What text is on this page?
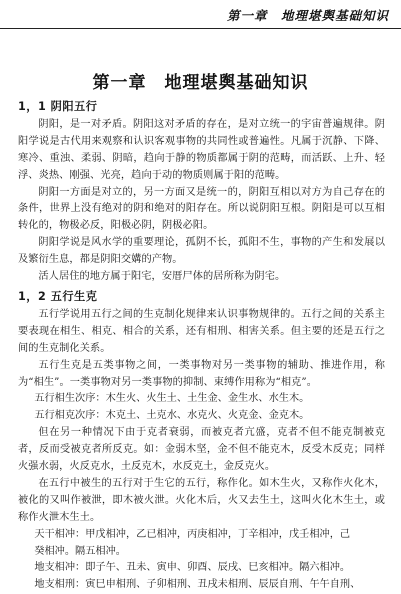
第一章　地理堪舆基础知识
第一章　地理堪舆基础知识
1，1 阴阳五行

阴阳，是一对矛盾。阴阳这对矛盾的存在，是对立统一的宇宙普遍规律。阴阳学说是古代用来观察和认识客观事物的共同性或普遍性。凡属于沉静、下降、寒冷、重浊、柔弱、阴暗，趋向于静的物质都属于阴的范畴，而活跃、上升、轻浮、炎热、刚强、光亮，趋向于动的物质则属于阳的范畴。

阴阳一方面是对立的，另一方面又是统一的，阴阳互相以对方为自己存在的条件，世界上没有绝对的阴和绝对的阳存在。所以说阴阳互根。阴阳是可以互相转化的，物极必反，阳极必阴，阴极必阳。

阴阳学说是风水学的重要理论，孤阴不长，孤阳不生，事物的产生和发展以及繁衍生息，都是阴阳交媾的产物。

活人居住的地方属于阳宅，安厝尸体的居所称为阴宅。

1，2 五行生克

五行学说用五行之间的生克制化规律来认识事物规律的。五行之间的关系主要表现在相生、相克、相合的关系，还有相刑、相害关系。但主要的还是五行之间的生克制化关系。

五行生克是五类事物之间，一类事物对另一类事物的辅助、推进作用，称为“相生”。一类事物对另一类事物的抑制、束缚作用称为“相克”。

五行相生次序：木生火、火生土、土生金、金生水、水生木。

五行相克次序：木克土、土克水、水克火、火克金、金克木。

但在另一种情况下由于克者衰弱，而被克者亢盛，克者不但不能克制被克者，反而受被克者所反克。如：金弱木坚，金不但不能克木，反受木反克；同样火强水弱，火反克水，土反克木，水反克土，金反克火。

在五行中被生的五行对于生它的五行，称作化。如木生火，又称作火化木，被化的又叫作被泄，即木被火泄。火化木后，火又去生土，这叫火化木生土，或称作火泄木生土。

天干相冲：甲戊相冲，乙已相冲，丙庚相冲，丁辛相冲，戊壬相冲，己

癸相冲。隔五相冲。

地支相冲：即子午、丑未、寅申、卯酉、辰戌、巳亥相冲。隔六相冲。

地支相刑：寅巳申相刑、子卯相刑、丑戌未相刑、辰辰自刑、午午自刑、
